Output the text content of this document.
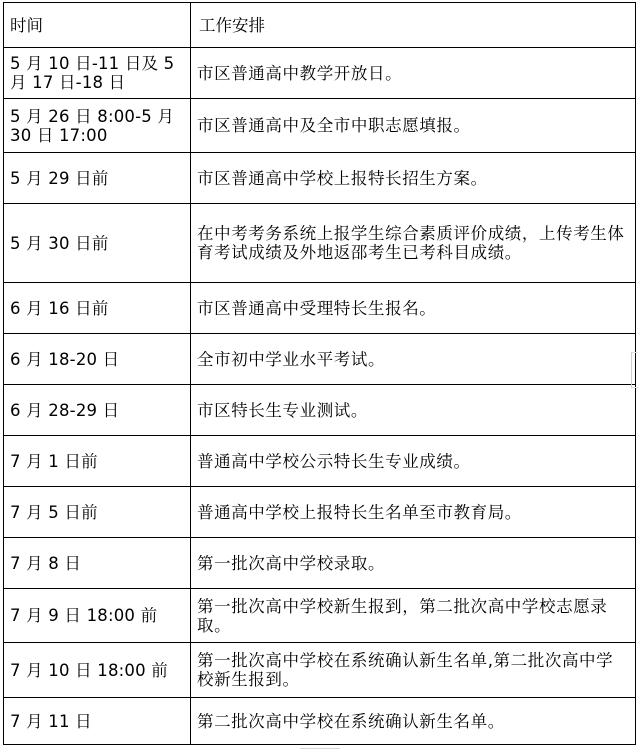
时间	工作安排
5 月 10 日-11 日及 5 月 17 日-18 日	市区普通高中教学开放日。
5 月 26 日 8:00-5 月 30 日 17:00	市区普通高中及全市中职志愿填报。
5 月 29 日前	市区普通高中学校上报特长招生方案。
5 月 30 日前	在中考考务系统上报学生综合素质评价成绩，上传考生体育考试成绩及外地返邵考生已考科目成绩。
6 月 16 日前	市区普通高中受理特长生报名。
6 月 18-20 日	全市初中学业水平考试。
6 月 28-29 日	市区特长生专业测试。
7 月 1 日前	普通高中学校公示特长生专业成绩。
7 月 5 日前	普通高中学校上报特长生名单至市教育局。
7 月 8 日	第一批次高中学校录取。
7 月 9 日 18:00 前	第一批次高中学校新生报到，第二批次高中学校志愿录取。
7 月 10 日 18:00 前	第一批次高中学校在系统确认新生名单,第二批次高中学校新生报到。
7 月 11 日	第二批次高中学校在系统确认新生名单。
